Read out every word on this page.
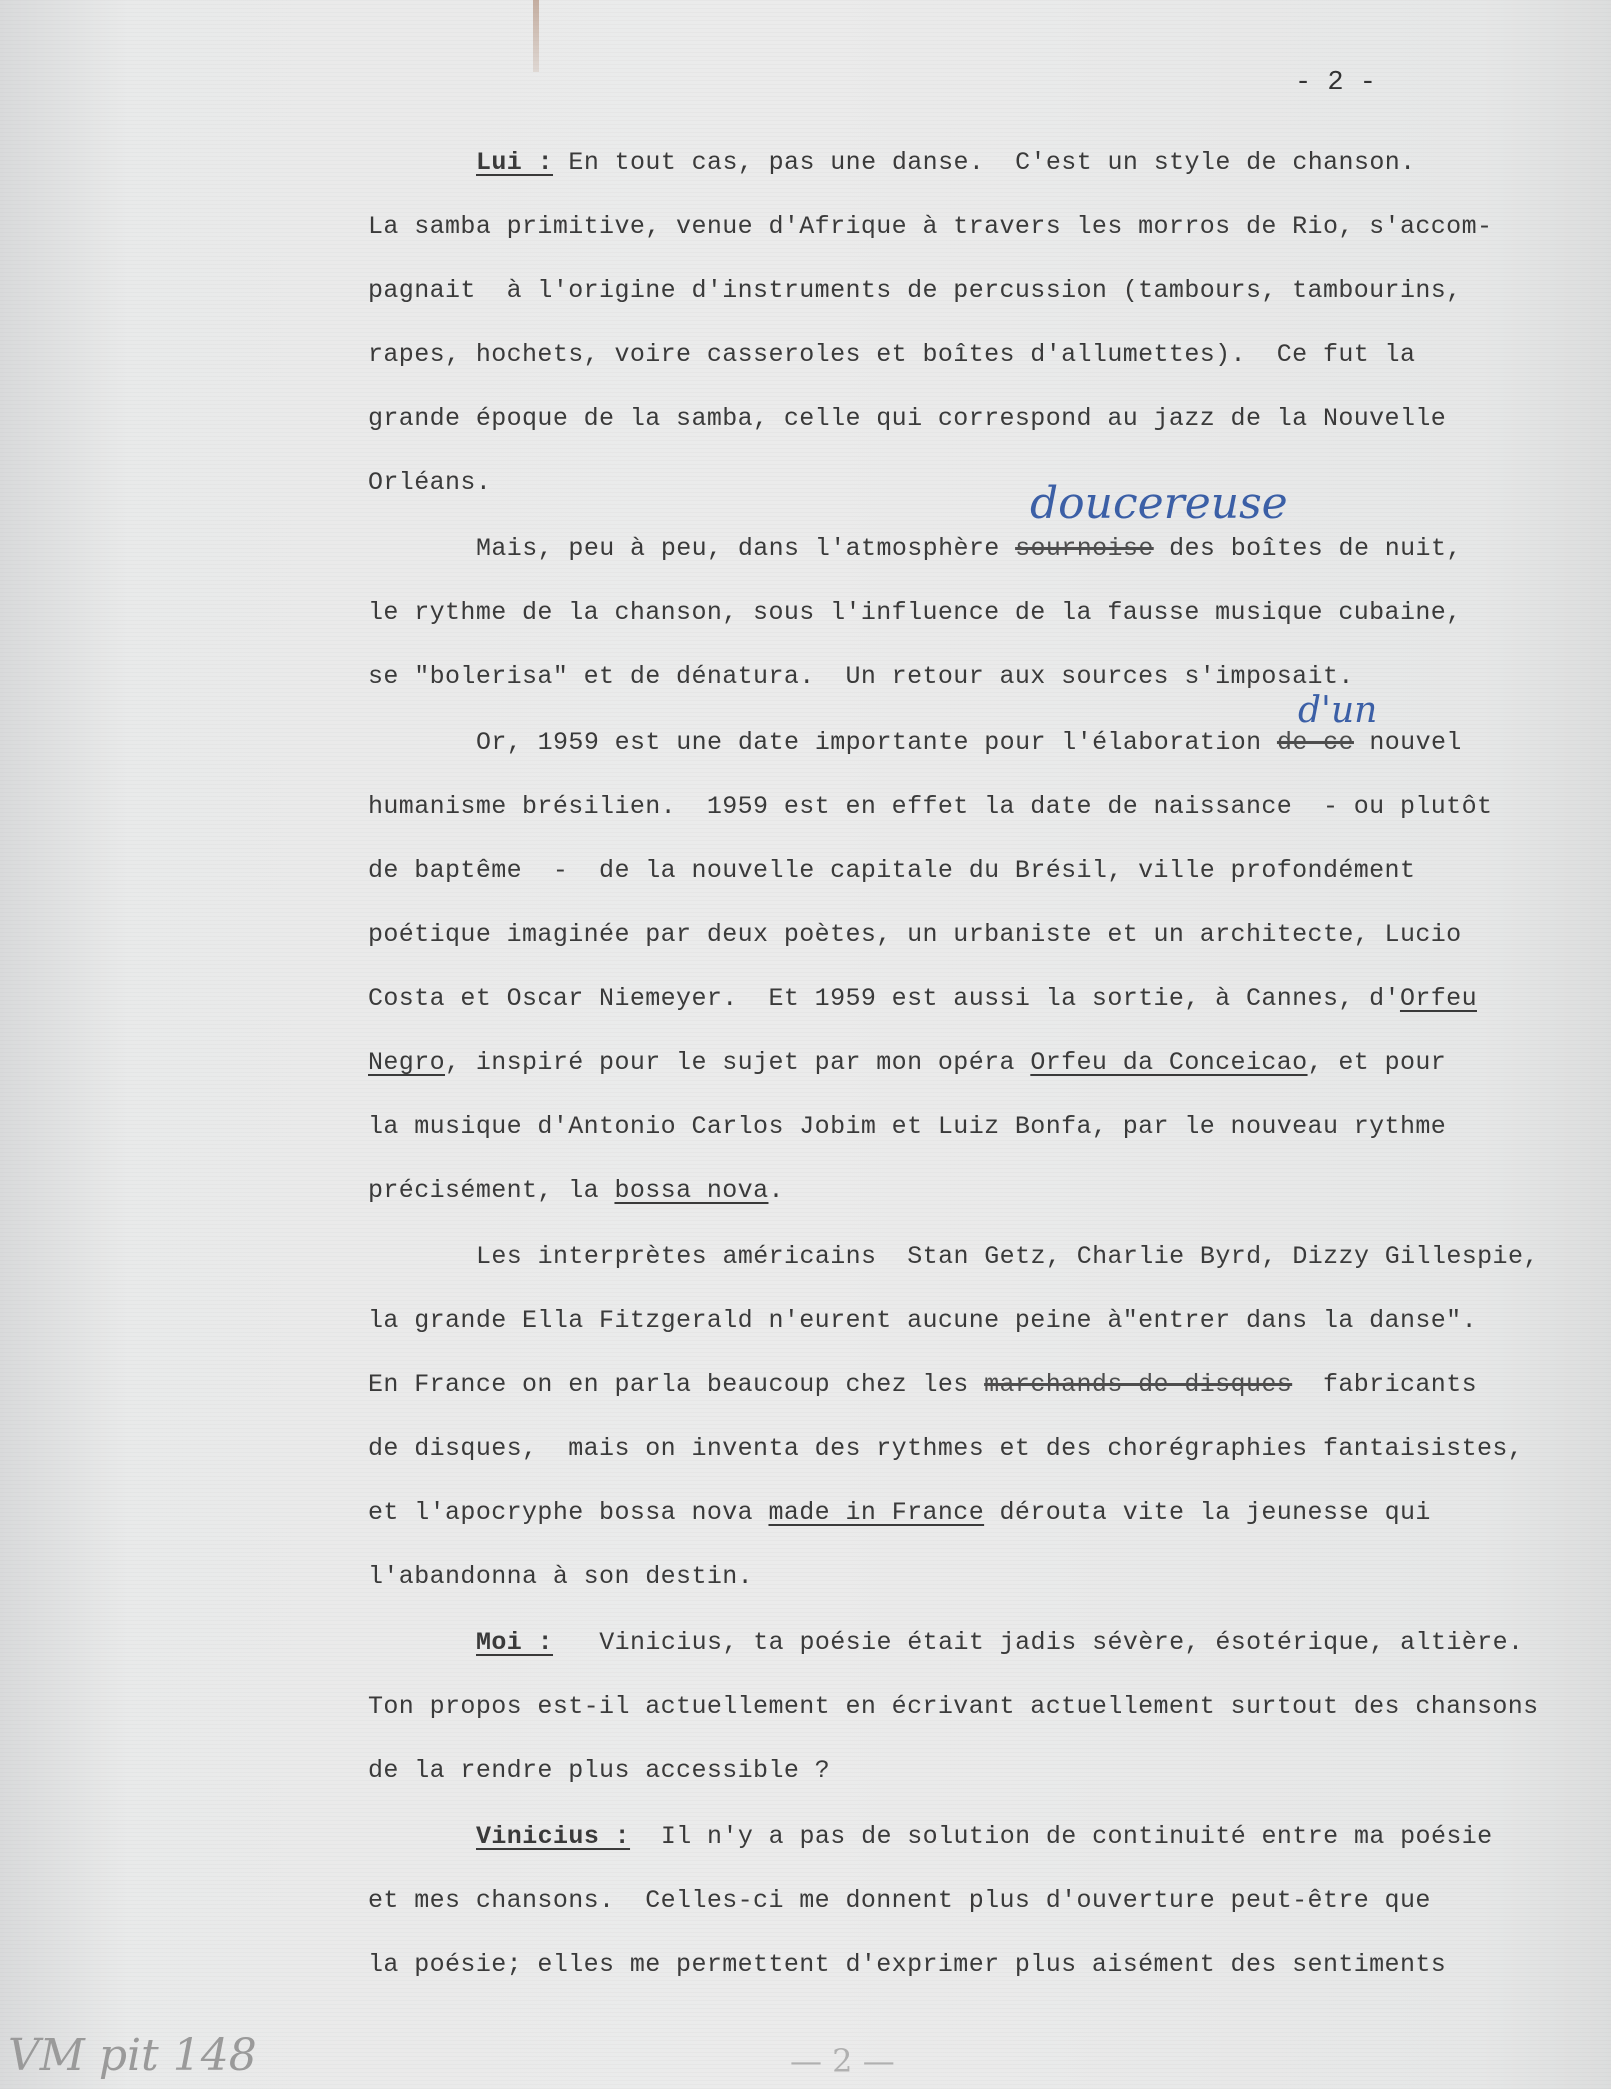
- 2 -
Lui : En tout cas, pas une danse.  C'est un style de chanson.
La samba primitive, venue d'Afrique à travers les morros de Rio, s'accom-
pagnait  à l'origine d'instruments de percussion (tambours, tambourins,
rapes, hochets, voire casseroles et boîtes d'allumettes).  Ce fut la
grande époque de la samba, celle qui correspond au jazz de la Nouvelle
Orléans.	doucereuse
Mais, peu à peu, dans l'atmosphère sournoise des boîtes de nuit,
le rythme de la chanson, sous l'influence de la fausse musique cubaine,
se "bolerisa" et de dénatura.  Un retour aux sources s'imposait.
d'un
Or, 1959 est une date importante pour l'élaboration de ce nouvel
humanisme brésilien.  1959 est en effet la date de naissance  - ou plutôt
de baptême  -  de la nouvelle capitale du Brésil, ville profondément
poétique imaginée par deux poètes, un urbaniste et un architecte, Lucio
Costa et Oscar Niemeyer.  Et 1959 est aussi la sortie, à Cannes, d'Orfeu
Negro, inspiré pour le sujet par mon opéra Orfeu da Conceicao, et pour
la musique d'Antonio Carlos Jobim et Luiz Bonfa, par le nouveau rythme
précisément, la bossa nova.
Les interprètes américains  Stan Getz, Charlie Byrd, Dizzy Gillespie,
la grande Ella Fitzgerald n'eurent aucune peine à"entrer dans la danse".
En France on en parla beaucoup chez les marchands de disques  fabricants
de disques,  mais on inventa des rythmes et des chorégraphies fantaisistes,
et l'apocryphe bossa nova made in France dérouta vite la jeunesse qui
l'abandonna à son destin.
Moi :   Vinicius, ta poésie était jadis sévère, ésotérique, altière.
Ton propos est-il actuellement en écrivant actuellement surtout des chansons
de la rendre plus accessible ?
Vinicius :  Il n'y a pas de solution de continuité entre ma poésie
et mes chansons.  Celles-ci me donnent plus d'ouverture peut-être que
la poésie; elles me permettent d'exprimer plus aisément des sentiments
VM pit 148	— 2 —
